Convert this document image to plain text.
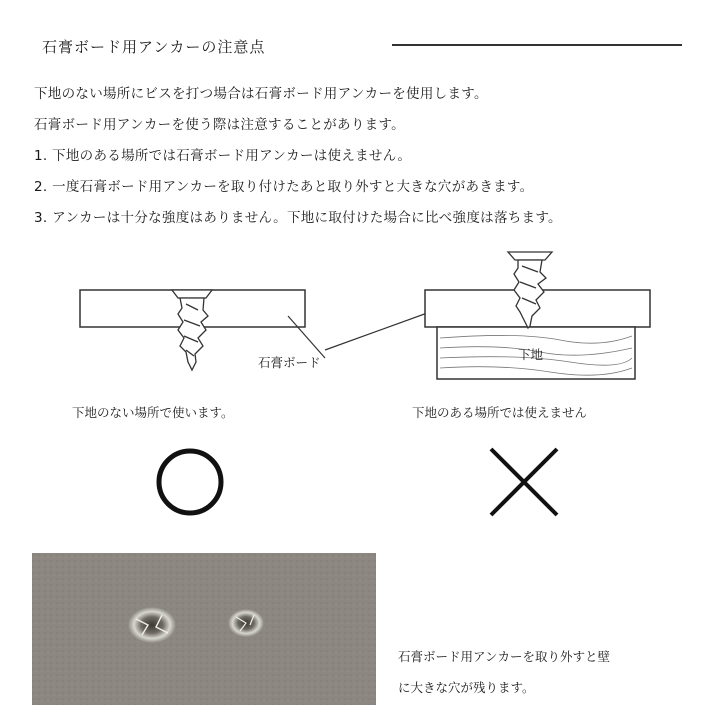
石膏ボード用アンカーの注意点
下地のない場所にビスを打つ場合は石膏ボード用アンカーを使用します。
石膏ボード用アンカーを使う際は注意することがあります。
1. 下地のある場所では石膏ボード用アンカーは使えません。
2. 一度石膏ボード用アンカーを取り付けたあと取り外すと大きな穴があきます。
3. アンカーは十分な強度はありません。下地に取付けた場合に比べ強度は落ちます。
石膏ボード
下地
下地のない場所で使います。	下地のある場所では使えません
石膏ボード用アンカーを取り外すと壁
に大きな穴が残ります。
